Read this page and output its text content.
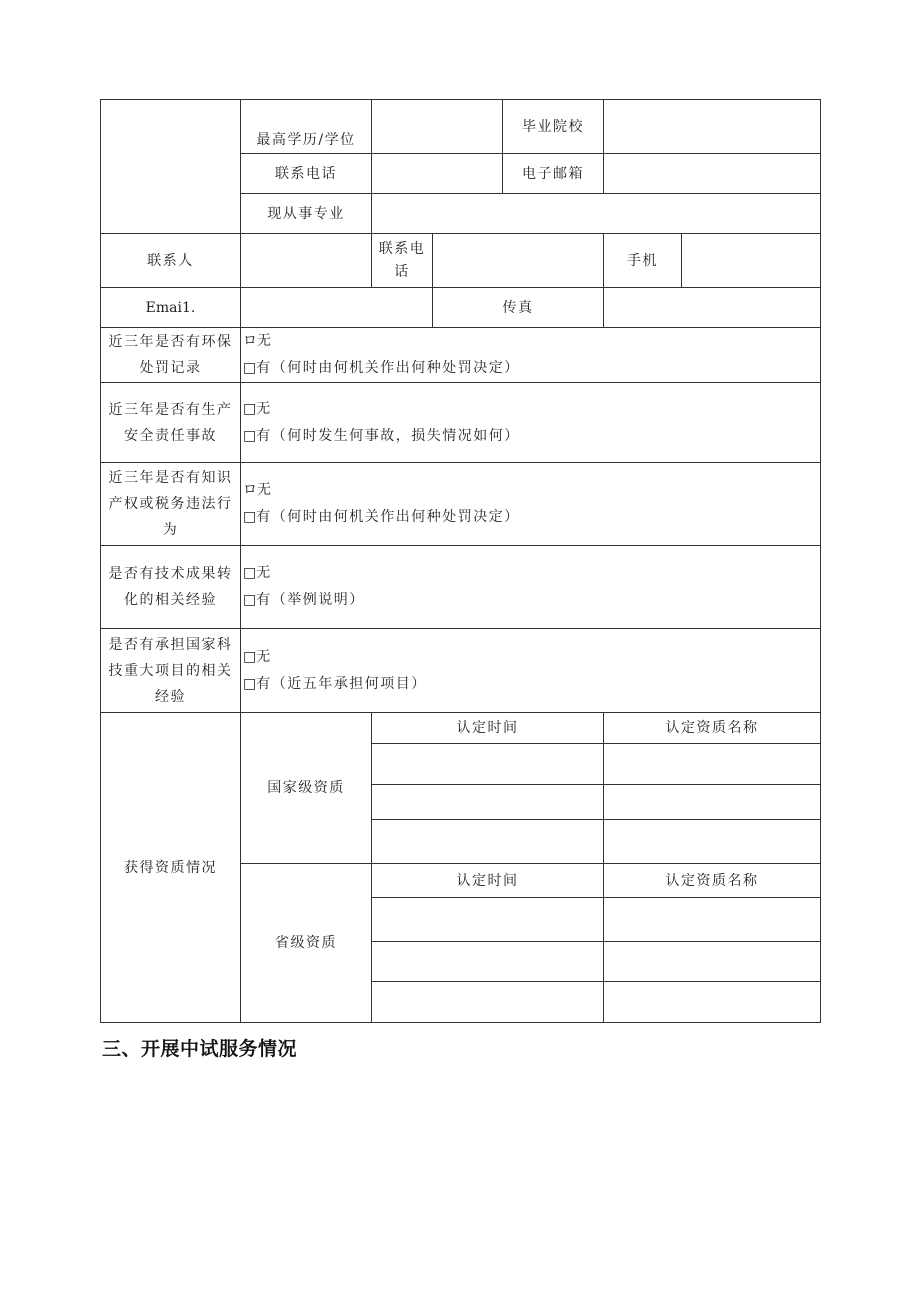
	最高学历/学位			毕业院校		
	联系电话			电子邮箱		
	现从事专业					
联系人		联系电话			手机	
Emai1.			传真			
近三年是否有环保处罚记录	ロ无
□有（何时由何机关作出何种处罚决定）					

近三年是否有生产安全责任事故	□无
□有（何时发生何事故，损失情况如何）					

近三年是否有知识产权或税务违法行为	ロ无
□有（何时由何机关作出何种处罚决定）					

是否有技术成果转化的相关经验	□无
□有（举例说明）					

是否有承担国家科技重大项目的相关经验	□无
□有（近五年承担何项目）					

获得资质情况	国家级资质	认定时间			认定资质名称	

	省级资质	认定时间			认定资质名称	

三、开展中试服务情况
